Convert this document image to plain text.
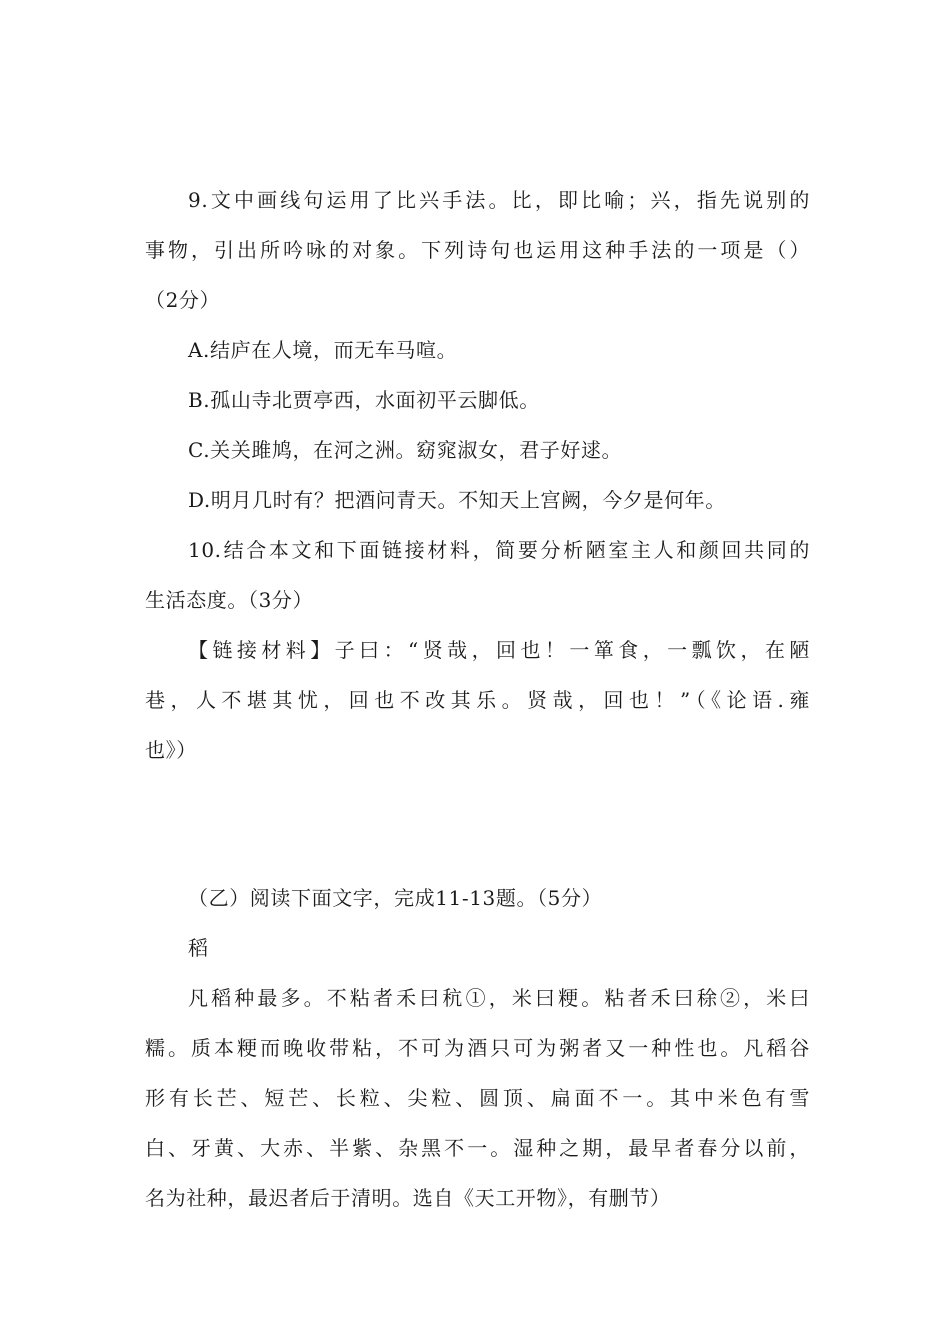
9.文中画线句运用了比兴手法。比，即比喻；兴，指先说别的
事物，引出所吟咏的对象。下列诗句也运用这种手法的一项是（）
（2分）
A.结庐在人境，而无车马喧。
B.孤山寺北贾亭西，水面初平云脚低。
C.关关雎鸠，在河之洲。窈窕淑女，君子好逑。
D.明月几时有？把酒问青天。不知天上宫阙，今夕是何年。
10.结合本文和下面链接材料，简要分析陋室主人和颜回共同的
生活态度。（3分）
【链接材料】子曰：“贤哉，回也！一箪食，一瓢饮，在陋
巷，人不堪其忧，回也不改其乐。贤哉，回也！”（《论语.雍
也》）
（乙）阅读下面文字，完成11-13题。（5分）
稻
凡稻种最多。不粘者禾曰秔①，米曰粳。粘者禾曰稌②，米曰
糯。质本粳而晚收带粘，不可为酒只可为粥者又一种性也。凡稻谷
形有长芒、短芒、长粒、尖粒、圆顶、扁面不一。其中米色有雪
白、牙黄、大赤、半紫、杂黑不一。湿种之期，最早者春分以前，
名为社种，最迟者后于清明。选自《天工开物》，有删节）
